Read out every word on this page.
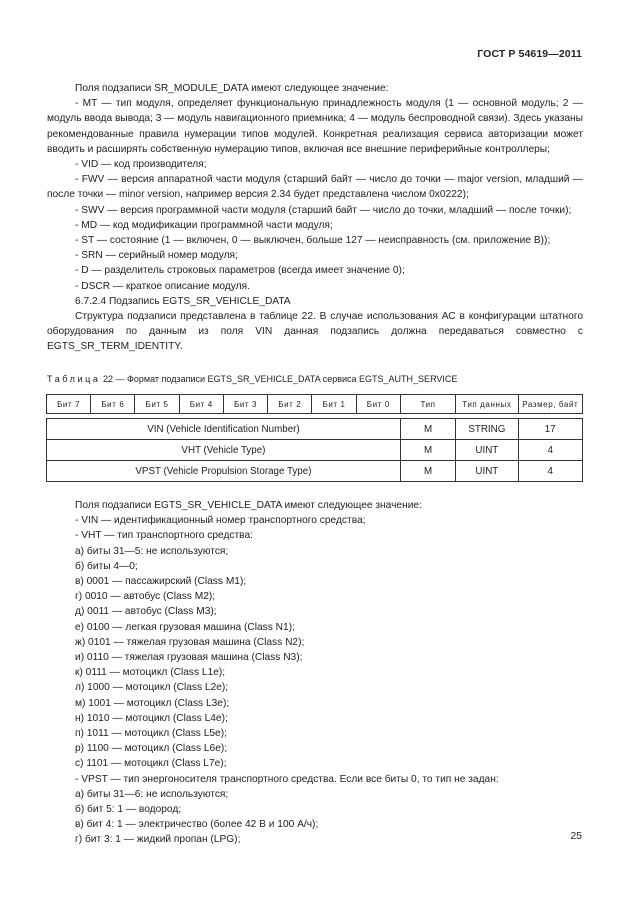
ГОСТ Р 54619—2011

Поля подзаписи SR_MODULE_DATA имеют следующее значение:

- MT — тип модуля, определяет функциональную принадлежность модуля (1 — основной модуль; 2 — модуль ввода вывода; 3 — модуль навигационного приемника; 4 — модуль беспроводной связи). Здесь указаны рекомендованные правила нумерации типов модулей. Конкретная реализация сервиса авторизации может вводить и расширять собственную нумерацию типов, включая все внешние периферийные контроллеры;

- VID — код производителя;

- FWV — версия аппаратной части модуля (старший байт — число до точки — major version, младший — после точки — minor version, например версия 2.34 будет представлена числом 0x0222);

- SWV — версия программной части модуля (старший байт — число до точки, младший — после точки);

- MD — код модификации программной части модуля;

- ST — состояние (1 — включен, 0 — выключен, больше 127 — неисправность (см. приложение В));

- SRN — серийный номер модуля;

- D — разделитель строковых параметров (всегда имеет значение 0);

- DSCR — краткое описание модуля.

6.7.2.4 Подзапись EGTS_SR_VEHICLE_DATA

Структура подзаписи представлена в таблице 22. В случае использования АС в конфигурации штатного оборудования по данным из поля VIN данная подзапись должна передаваться совместно с EGTS_SR_TERM_IDENTITY.

Таблица 22 — Формат подзаписи EGTS_SR_VEHICLE_DATA сервиса EGTS_AUTH_SERVICE
Бит 7	Бит 6	Бит 5	Бит 4	Бит 3	Бит 2	Бит 1	Бит 0	Тип	Тип данных	Размер, байт

VIN (Vehicle Identification Number)								M	STRING	17
VHT (Vehicle Type)								M	UINT	4
VPST (Vehicle Propulsion Storage Type)								M	UINT	4

Поля подзаписи EGTS_SR_VEHICLE_DATA имеют следующее значение:

- VIN — идентификационный номер транспортного средства;

- VHT — тип транспортного средства:

а) биты 31—5: не используются;

б) биты 4—0;

в) 0001 — пассажирский (Class M1);

г) 0010 — автобус (Class M2);

д) 0011 — автобус (Class M3);

е) 0100 — легкая грузовая машина (Class N1);

ж) 0101 — тяжелая грузовая машина (Class N2);

и) 0110 — тяжелая грузовая машина (Class N3);

к) 0111 — мотоцикл (Class L1e);

л) 1000 — мотоцикл (Class L2e);

м) 1001 — мотоцикл (Class L3e);

н) 1010 — мотоцикл (Class L4e);

п) 1011 — мотоцикл (Class L5e);

р) 1100 — мотоцикл (Class L6e);

с) 1101 — мотоцикл (Class L7e);

- VPST — тип энергоносителя транспортного средства. Если все биты 0, то тип не задан:

а) биты 31—6: не используются;

б) бит 5: 1 — водород;

в) бит 4: 1 — электричество (более 42 В и 100 А/ч);

г) бит 3: 1 — жидкий пропан (LPG);	25
